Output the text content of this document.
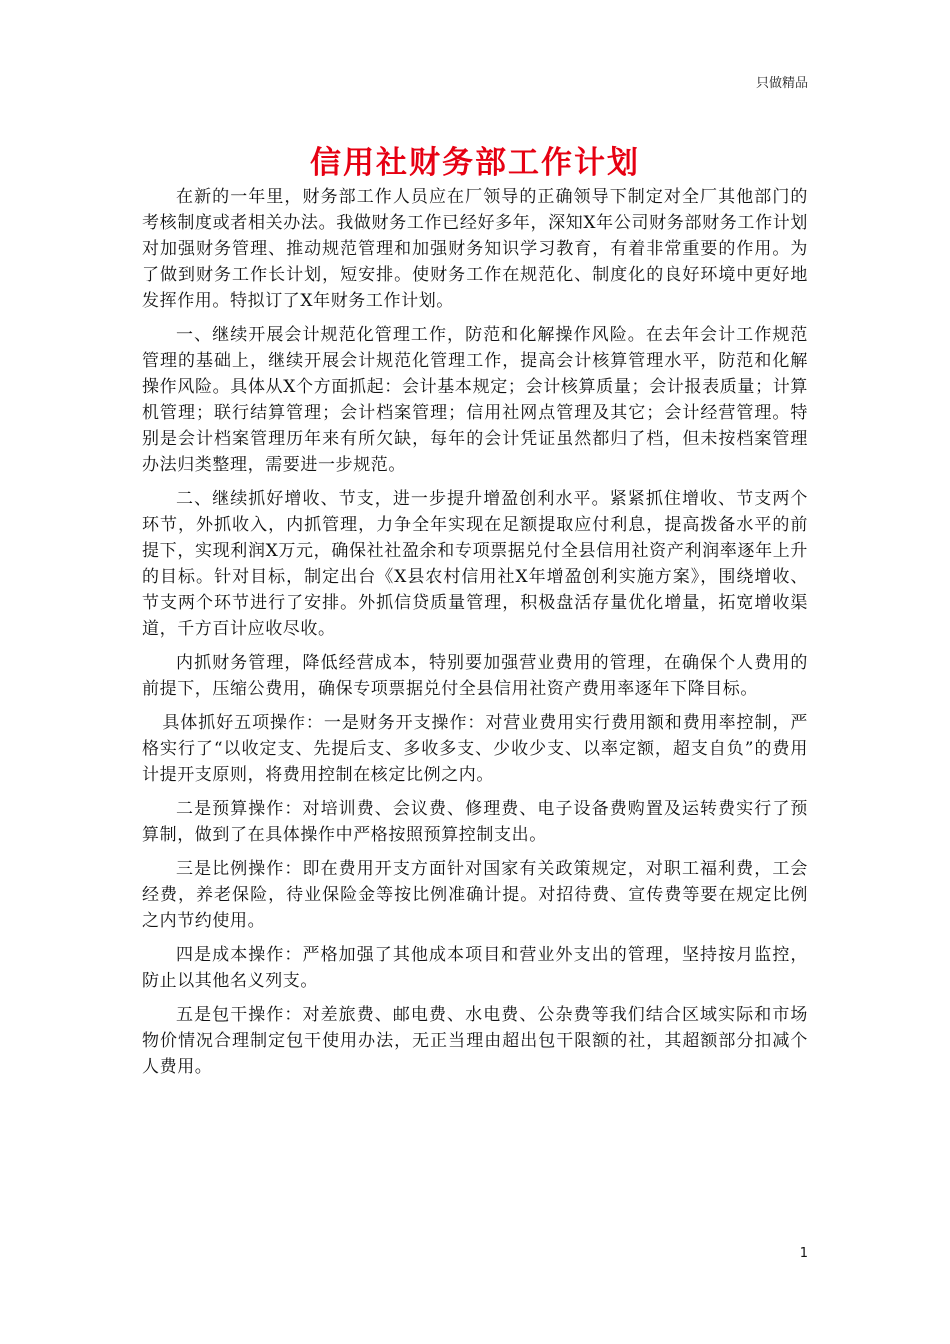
只做精品
信用社财务部工作计划

在新的一年里，财务部工作人员应在厂领导的正确领导下制定对全厂其他部门的考核制度或者相关办法。我做财务工作已经好多年，深知X年公司财务部财务工作计划对加强财务管理、推动规范管理和加强财务知识学习教育，有着非常重要的作用。为了做到财务工作长计划，短安排。使财务工作在规范化、制度化的良好环境中更好地发挥作用。特拟订了X年财务工作计划。

一、继续开展会计规范化管理工作，防范和化解操作风险。在去年会计工作规范管理的基础上，继续开展会计规范化管理工作，提高会计核算管理水平，防范和化解操作风险。具体从X个方面抓起：会计基本规定；会计核算质量；会计报表质量；计算机管理；联行结算管理；会计档案管理；信用社网点管理及其它；会计经营管理。特别是会计档案管理历年来有所欠缺，每年的会计凭证虽然都归了档，但未按档案管理办法归类整理，需要进一步规范。

二、继续抓好增收、节支，进一步提升增盈创利水平。紧紧抓住增收、节支两个环节，外抓收入，内抓管理，力争全年实现在足额提取应付利息，提高拨备水平的前提下，实现利润X万元，确保社社盈余和专项票据兑付全县信用社资产利润率逐年上升的目标。针对目标，制定出台《X县农村信用社X年增盈创利实施方案》，围绕增收、节支两个环节进行了安排。外抓信贷质量管理，积极盘活存量优化增量，拓宽增收渠道，千方百计应收尽收。

内抓财务管理，降低经营成本，特别要加强营业费用的管理，在确保个人费用的前提下，压缩公费用，确保专项票据兑付全县信用社资产费用率逐年下降目标。

具体抓好五项操作：一是财务开支操作：对营业费用实行费用额和费用率控制，严格实行了“以收定支、先提后支、多收多支、少收少支、以率定额，超支自负”的费用计提开支原则，将费用控制在核定比例之内。

二是预算操作：对培训费、会议费、修理费、电子设备费购置及运转费实行了预算制，做到了在具体操作中严格按照预算控制支出。

三是比例操作：即在费用开支方面针对国家有关政策规定，对职工福利费，工会经费，养老保险，待业保险金等按比例准确计提。对招待费、宣传费等要在规定比例之内节约使用。

四是成本操作：严格加强了其他成本项目和营业外支出的管理，坚持按月监控，防止以其他名义列支。

五是包干操作：对差旅费、邮电费、水电费、公杂费等我们结合区域实际和市场物价情况合理制定包干使用办法，无正当理由超出包干限额的社，其超额部分扣减个人费用。

1
